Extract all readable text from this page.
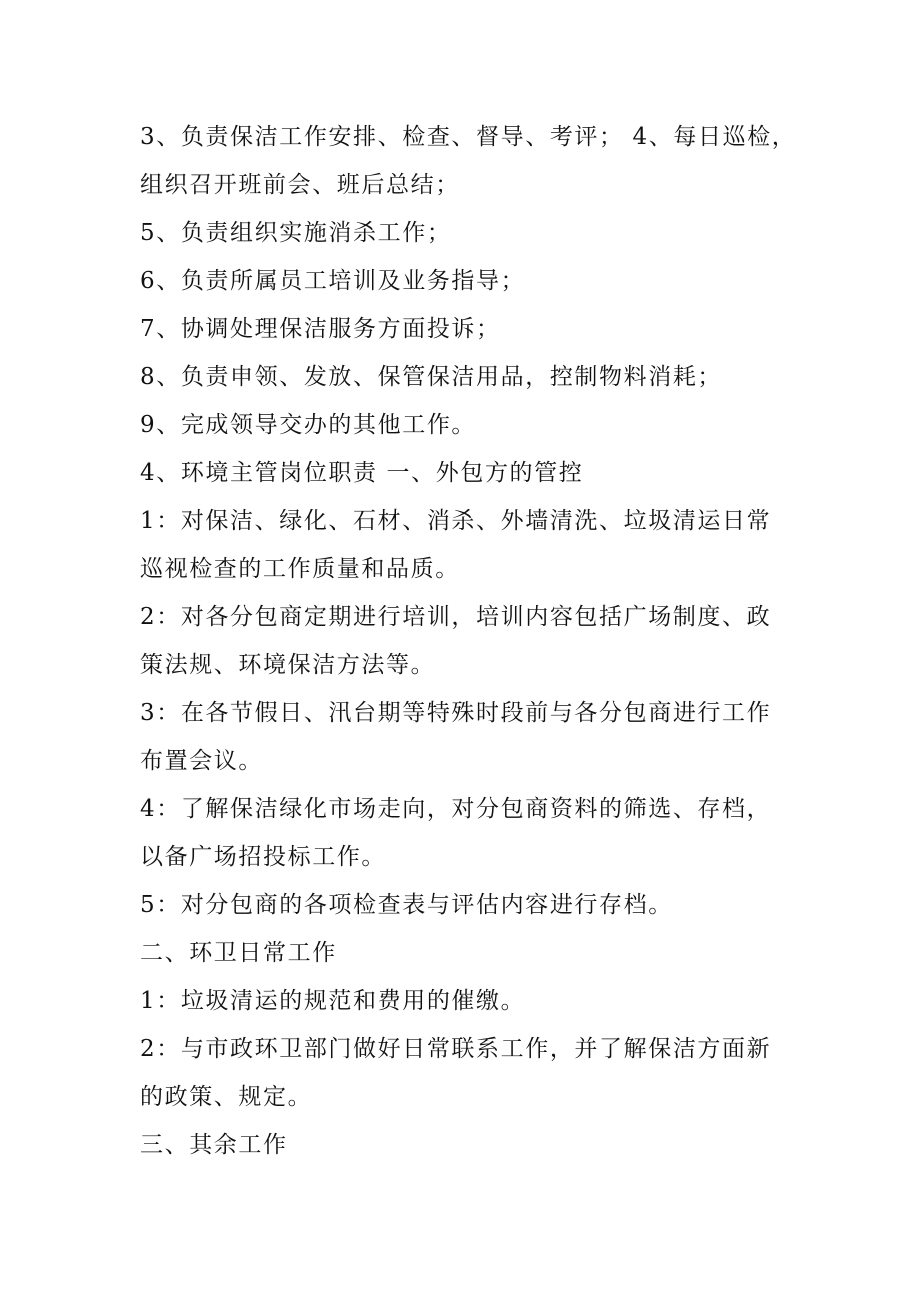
3、负责保洁工作安排、检查、督导、考评； 4、每日巡检，
组织召开班前会、班后总结；
5、负责组织实施消杀工作；
6、负责所属员工培训及业务指导；
7、协调处理保洁服务方面投诉；
8、负责申领、发放、保管保洁用品，控制物料消耗；
9、完成领导交办的其他工作。
4、环境主管岗位职责 一、外包方的管控
1：对保洁、绿化、石材、消杀、外墙清洗、垃圾清运日常
巡视检查的工作质量和品质。
2：对各分包商定期进行培训，培训内容包括广场制度、政
策法规、环境保洁方法等。
3：在各节假日、汛台期等特殊时段前与各分包商进行工作
布置会议。
4：了解保洁绿化市场走向，对分包商资料的筛选、存档，
以备广场招投标工作。
5：对分包商的各项检查表与评估内容进行存档。
二、环卫日常工作
1：垃圾清运的规范和费用的催缴。
2：与市政环卫部门做好日常联系工作，并了解保洁方面新
的政策、规定。
三、其余工作
